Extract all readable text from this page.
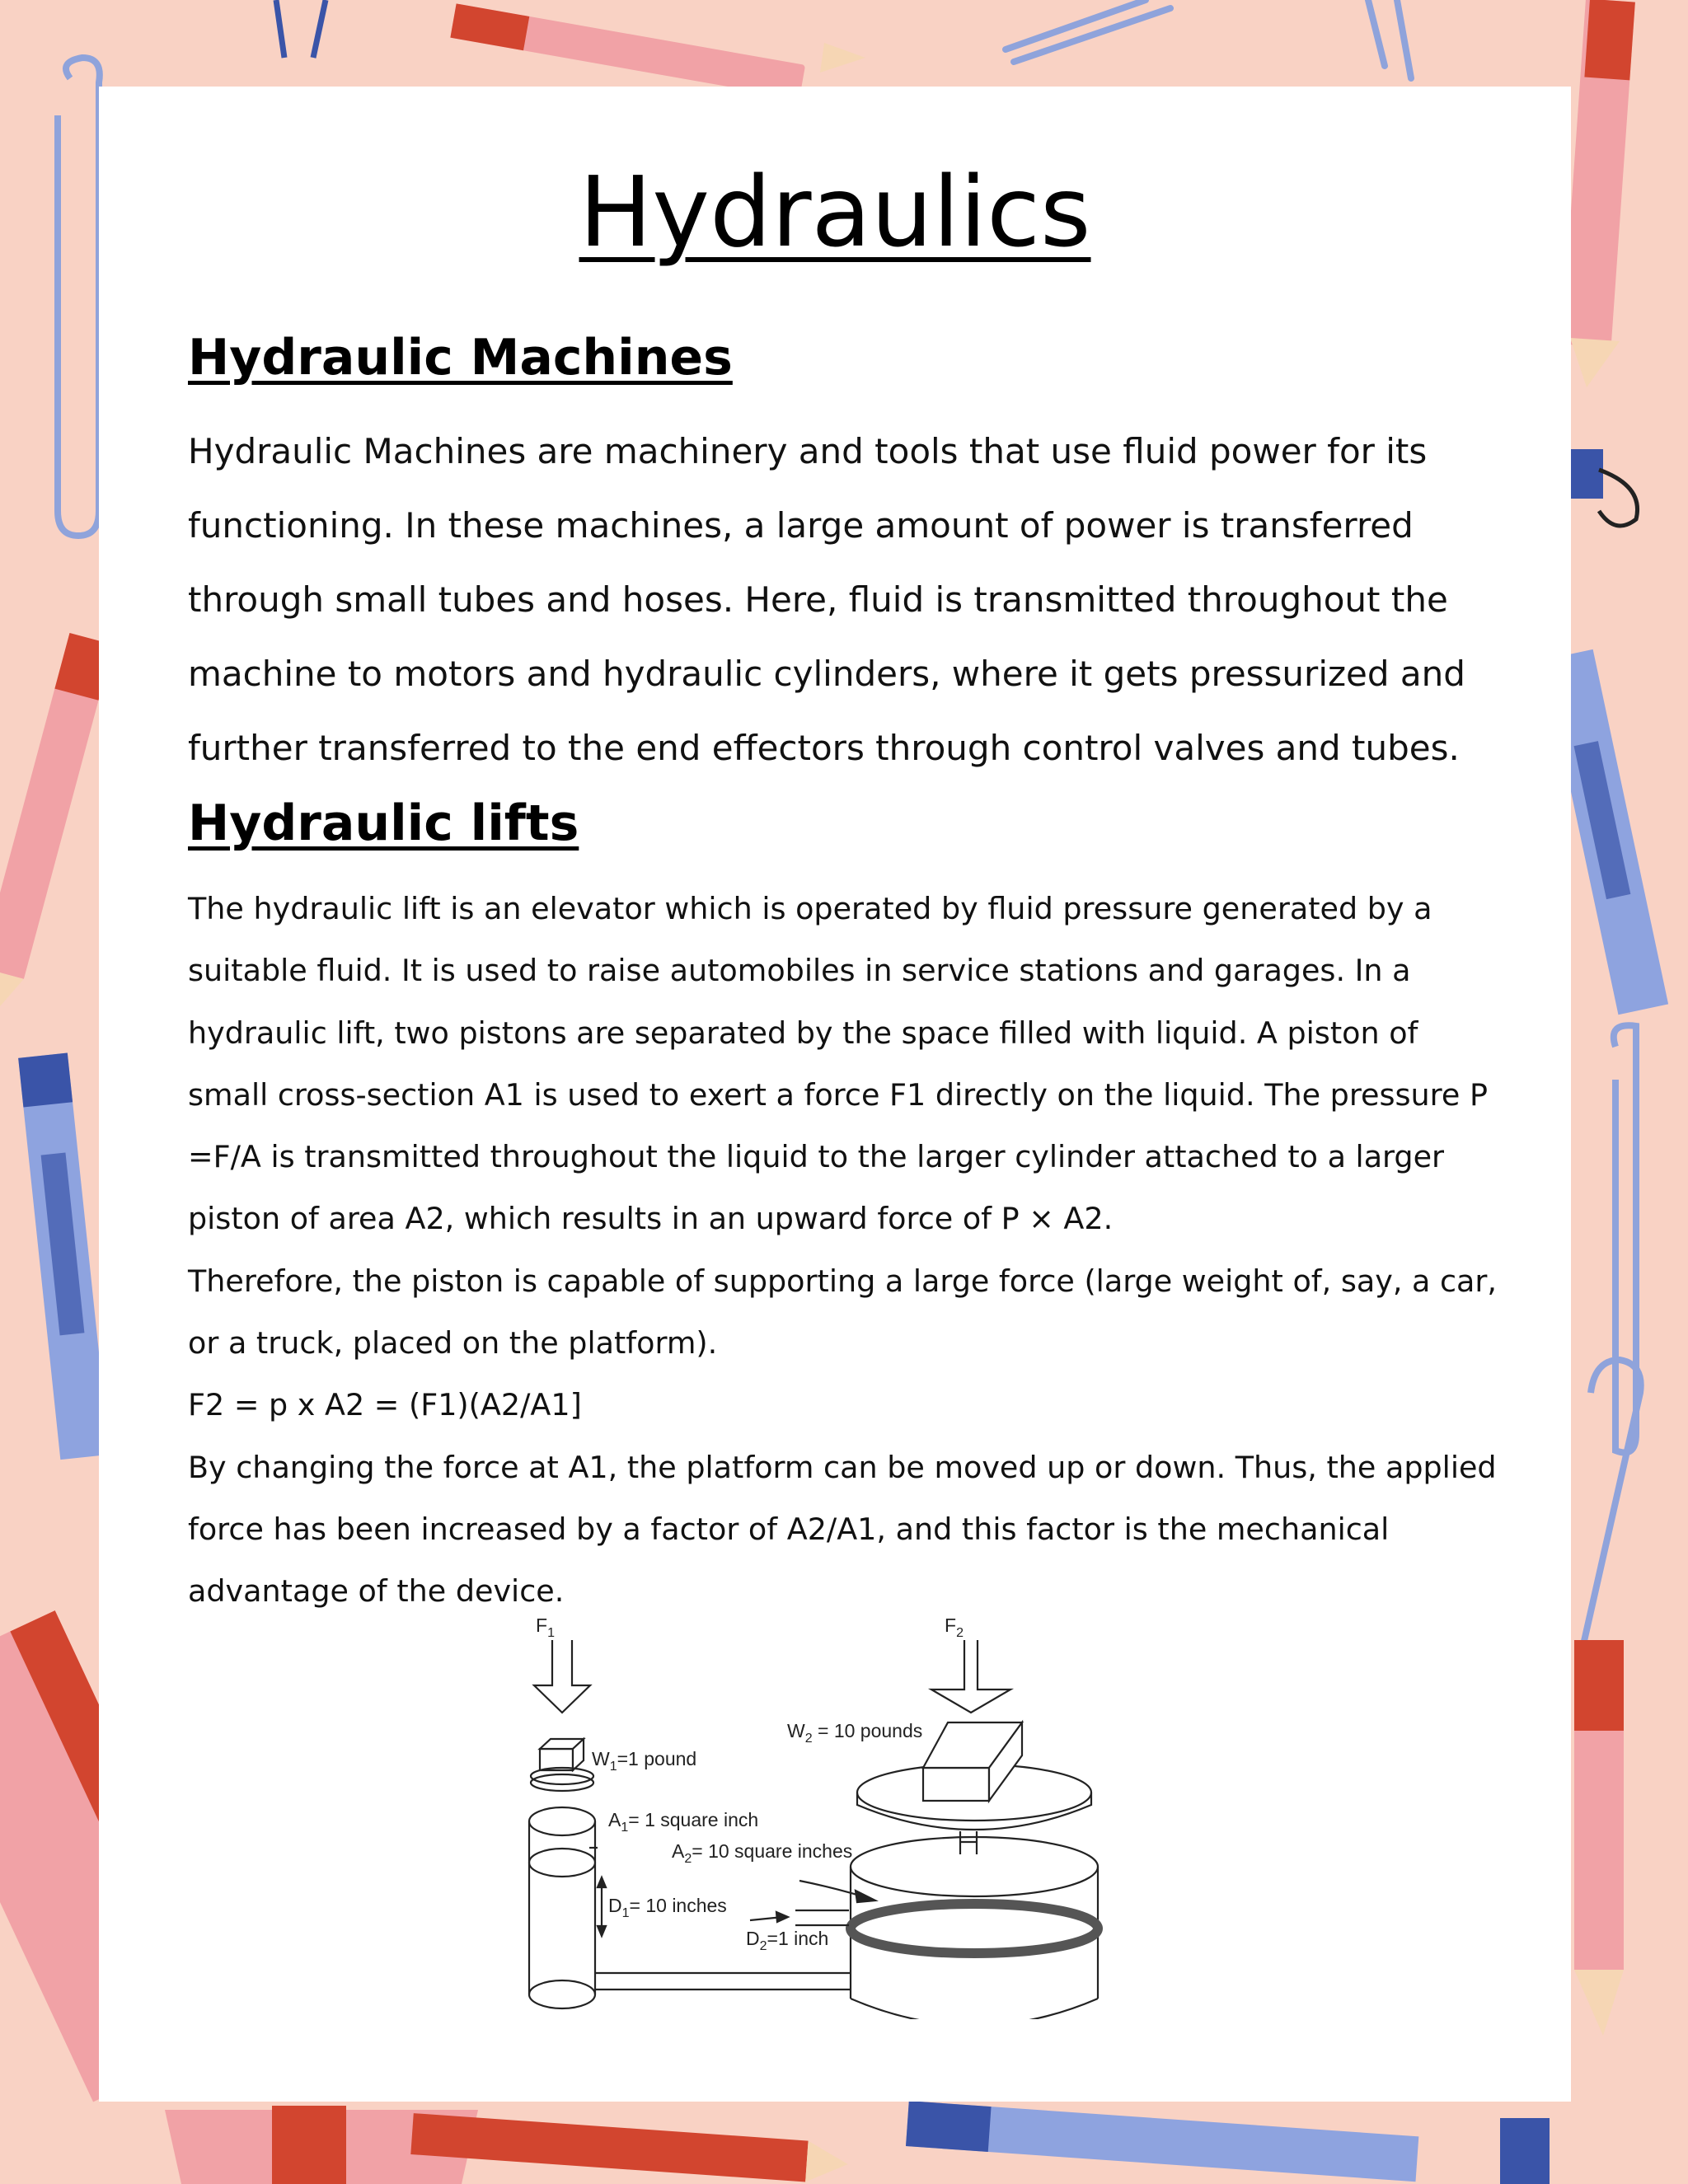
Hydraulics
Hydraulic Machines

Hydraulic Machines are machinery and tools that use fluid power for its functioning. In these machines, a large amount of power is transferred through small tubes and hoses. Here, fluid is transmitted throughout the machine to motors and hydraulic cylinders, where it gets pressurized and further transferred to the end effectors through control valves and tubes.

Hydraulic lifts
The hydraulic lift is an elevator which is operated by fluid pressure generated by a suitable fluid. It is used to raise automobiles in service stations and garages. In a hydraulic lift, two pistons are separated by the space filled with liquid. A piston of small cross-section A1 is used to exert a force F1 directly on the liquid. The pressure P =F/A is transmitted throughout the liquid to the larger cylinder attached to a larger piston of area A2, which results in an upward force of P × A2.
Therefore, the piston is capable of supporting a large force (large weight of, say, a car, or a truck, placed on the platform).
F2 = p x A2 = (F1)(A2/A1]
By changing the force at A1, the platform can be moved up or down. Thus, the applied force has been increased by a factor of A2/A1, and this factor is the mechanical advantage of the device.
$F_1$	$F_2$
$W_1=1$ pound
$W_2 = 10$ pounds
$A_1= 1$ square inch
$A_2= 10$ square inches
$D_1= 10$ inches
$D_2=1$ inch
